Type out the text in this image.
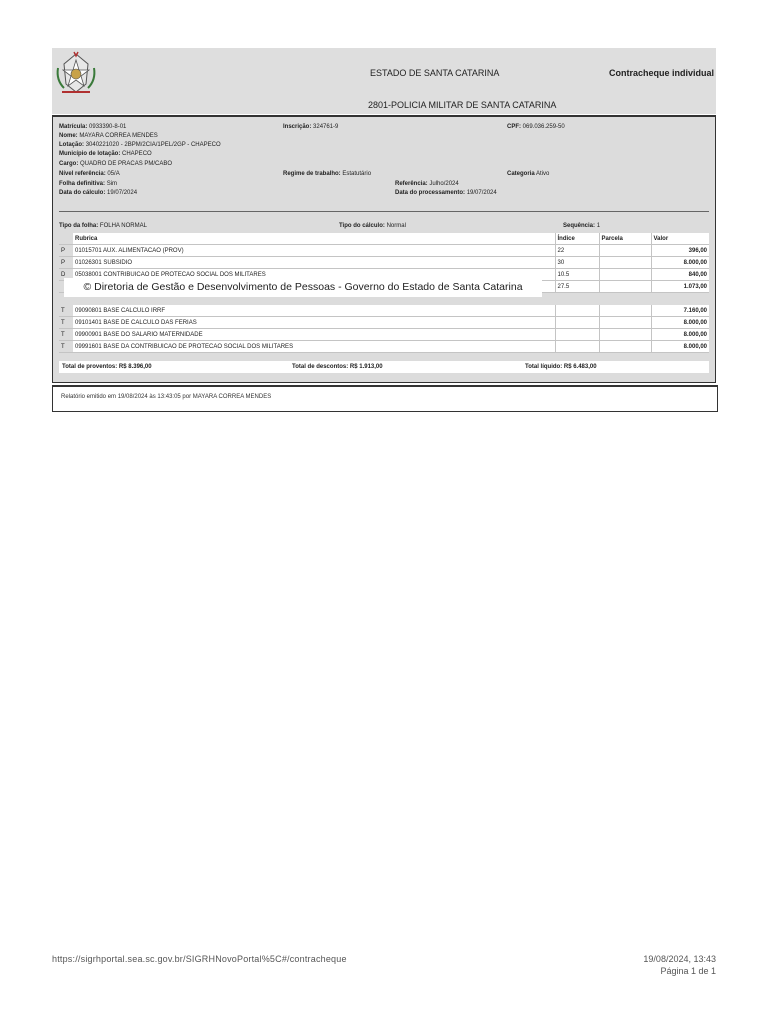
ESTADO DE SANTA CATARINA	Contracheque individual
2801-POLICIA MILITAR DE SANTA CATARINA
Matrícula: 0933390-8-01
Nome: MAYARA CORREA MENDES
Lotação: 3040221020 - 2BPM/2CIA/1PEL/2GP - CHAPECO
Município de lotação: CHAPECO
Cargo: QUADRO DE PRACAS PM/CABO
Nível referência: 05/A
Folha definitiva: Sim
Data do cálculo: 19/07/2024
Inscrição: 324761-9
Regime de trabalho: Estatutário
Referência: Julho/2024
Data do processamento: 19/07/2024
CPF: 069.036.259-50
Categoria Ativo
Tipo da folha: FOLHA NORMAL	Tipo do cálculo: Normal	Sequência: 1
	Rubrica	Índice	Parcela	Valor
P	01015701 AUX. ALIMENTACAO (PROV)	22		396,00
P	01026301 SUBSIDIO	30		8.000,00
D	05038001 CONTRIBUICAO DE PROTECAO SOCIAL DOS MILITARES	10.5		840,00
		27.5		1.073,00

T	09090801 BASE CALCULO IRRF			7.160,00
T	09101401 BASE DE CALCULO DAS FERIAS			8.000,00
T	09900901 BASE DO SALARIO MATERNIDADE			8.000,00
T	09991601 BASE DA CONTRIBUICAO DE PROTECAO SOCIAL DOS MILITARES			8.000,00
Total de proventos: R$ 8.396,00	Total de descontos: R$ 1.913,00	Total líquido: R$ 6.483,00
© Diretoria de Gestão e Desenvolvimento de Pessoas - Governo do Estado de Santa Catarina
Relatório emitido em 19/08/2024 às 13:43:05 por MAYARA CORREA MENDES
https://sigrhportal.sea.sc.gov.br/SIGRHNovoPortal%5C#/contracheque	19/08/2024, 13:43
Página 1 de 1
